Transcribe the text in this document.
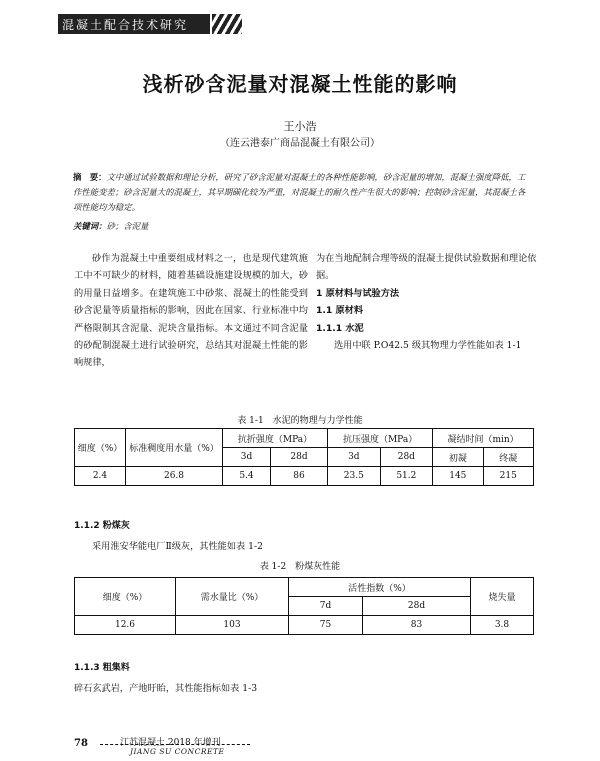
混凝土配合技术研究
浅析砂含泥量对混凝土性能的影响
王小浩
（连云港泰广商品混凝土有限公司）
摘　要：文中通过试验数据和理论分析，研究了砂含泥量对混凝土的各种性能影响，砂含泥量的增加，混凝土强度降低，工作性能变差；砂含泥量大的混凝土，其早期碳化较为严重，对混凝土的耐久性产生很大的影响；控制砂含泥量，其混凝土各项性能均为稳定。
关键词：砂；含泥量
砂作为混凝土中重要组成材料之一，也是现代建筑施工中不可缺少的材料，随着基础设施建设规模的加大，砂的用量日益增多。在建筑施工中砂浆、混凝土的性能受到砂含泥量等质量指标的影响，因此在国家、行业标准中均严格限制其含泥量、泥块含量指标。本文通过不同含泥量的砂配制混凝土进行试验研究，总结其对混凝土性能的影响规律，
为在当地配制合理等级的混凝土提供试验数据和理论依据。
1 原材料与试验方法
1.1 原材料
1.1.1 水泥
选用中联 P.O42.5 级其物理力学性能如表 1-1
表 1-1　水泥的物理与力学性能
细度（%）	标准稠度用水量（%）	抗折强度（MPa）		抗压强度（MPa）		凝结时间（min）	
		3d	28d	3d	28d	初凝	终凝
2.4	26.8	5.4	86	23.5	51.2	145	215
1.1.2 粉煤灰
采用淮安华能电厂Ⅱ级灰，其性能如表 1-2
表 1-2　粉煤灰性能
细度（%）	需水量比（%）	活性指数（%）		烧失量
		7d	28d	
12.6	103	75	83	3.8
1.1.3 粗集料
碎石玄武岩，产地盱眙，其性能指标如表 1-3
78	江苏混凝土 2018 年增刊
JIANG SU CONCRETE
